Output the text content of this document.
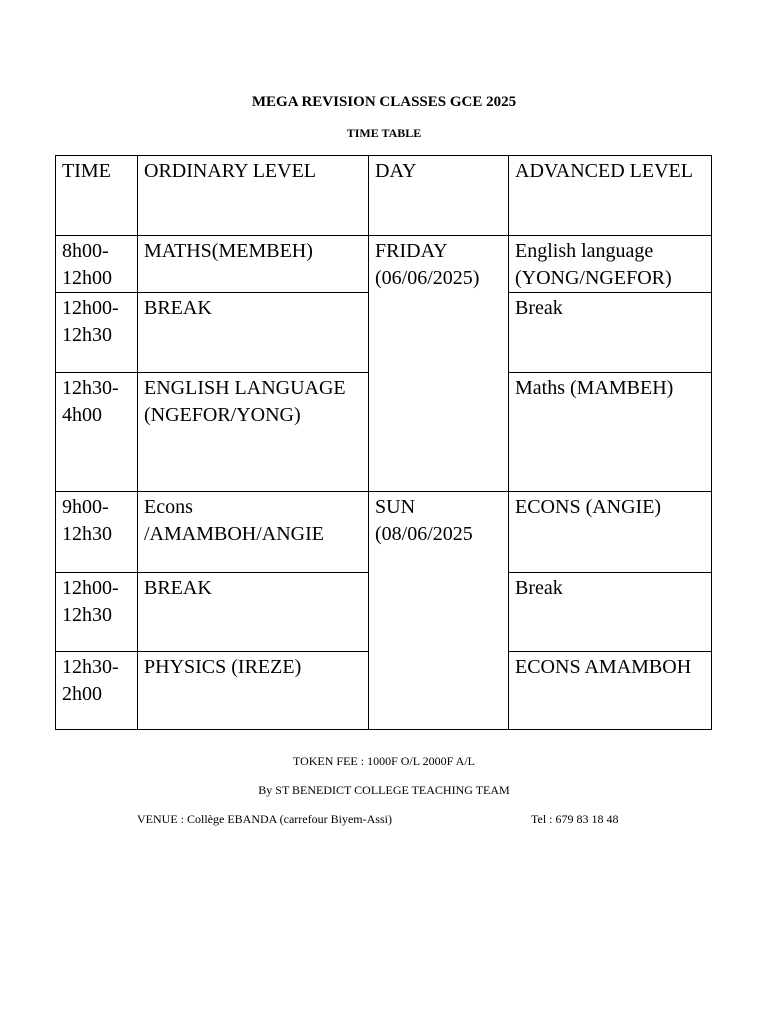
MEGA REVISION CLASSES GCE 2025
TIME TABLE
TIME	ORDINARY LEVEL	DAY	ADVANCED LEVEL
8h00-12h00	MATHS(MEMBEH)	FRIDAY (06/06/2025)	English language (YONG/NGEFOR)
12h00-12h30	BREAK		Break
12h30-4h00	ENGLISH LANGUAGE (NGEFOR/YONG)		Maths (MAMBEH)
9h00-12h30	Econs /AMAMBOH/ANGIE	SUN (08/06/2025	ECONS (ANGIE)
12h00-12h30	BREAK		Break
12h30-2h00	PHYSICS (IREZE)		ECONS AMAMBOH
TOKEN FEE : 1000F O/L 2000F A/L
By ST BENEDICT COLLEGE TEACHING TEAM
VENUE : Collège EBANDA (carrefour Biyem-Assi)	Tel : 679 83 18 48
